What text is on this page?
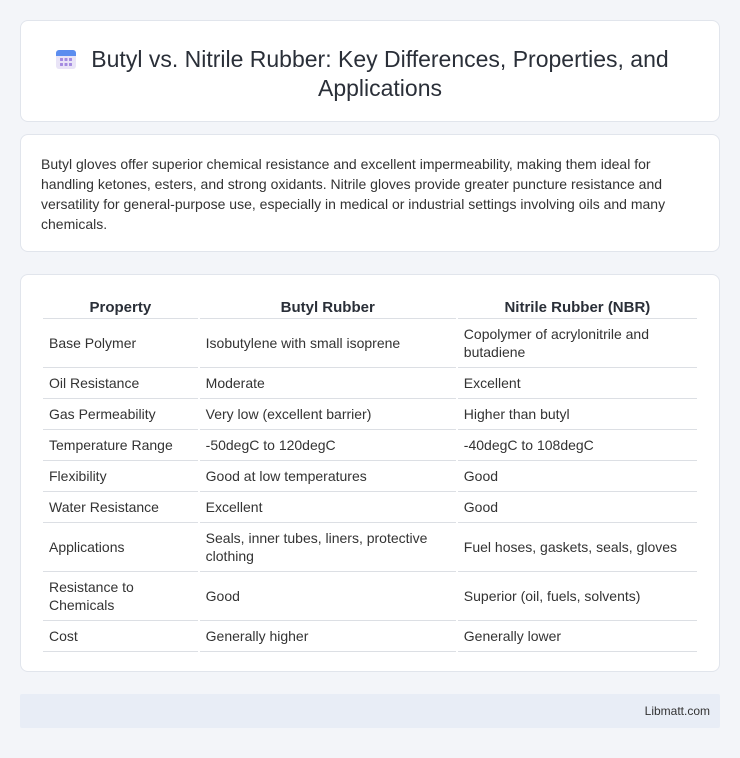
Butyl vs. Nitrile Rubber: Key Differences, Properties, and Applications

Butyl gloves offer superior chemical resistance and excellent impermeability, making them ideal for handling ketones, esters, and strong oxidants. Nitrile gloves provide greater puncture resistance and versatility for general-purpose use, especially in medical or industrial settings involving oils and many chemicals.

Property	Butyl Rubber	Nitrile Rubber (NBR)
Base Polymer	Isobutylene with small isoprene	Copolymer of acrylonitrile and butadiene
Oil Resistance	Moderate	Excellent
Gas Permeability	Very low (excellent barrier)	Higher than butyl
Temperature Range	-50degC to 120degC	-40degC to 108degC
Flexibility	Good at low temperatures	Good
Water Resistance	Excellent	Good
Applications	Seals, inner tubes, liners, protective clothing	Fuel hoses, gaskets, seals, gloves
Resistance to Chemicals	Good	Superior (oil, fuels, solvents)
Cost	Generally higher	Generally lower
Libmatt.com
